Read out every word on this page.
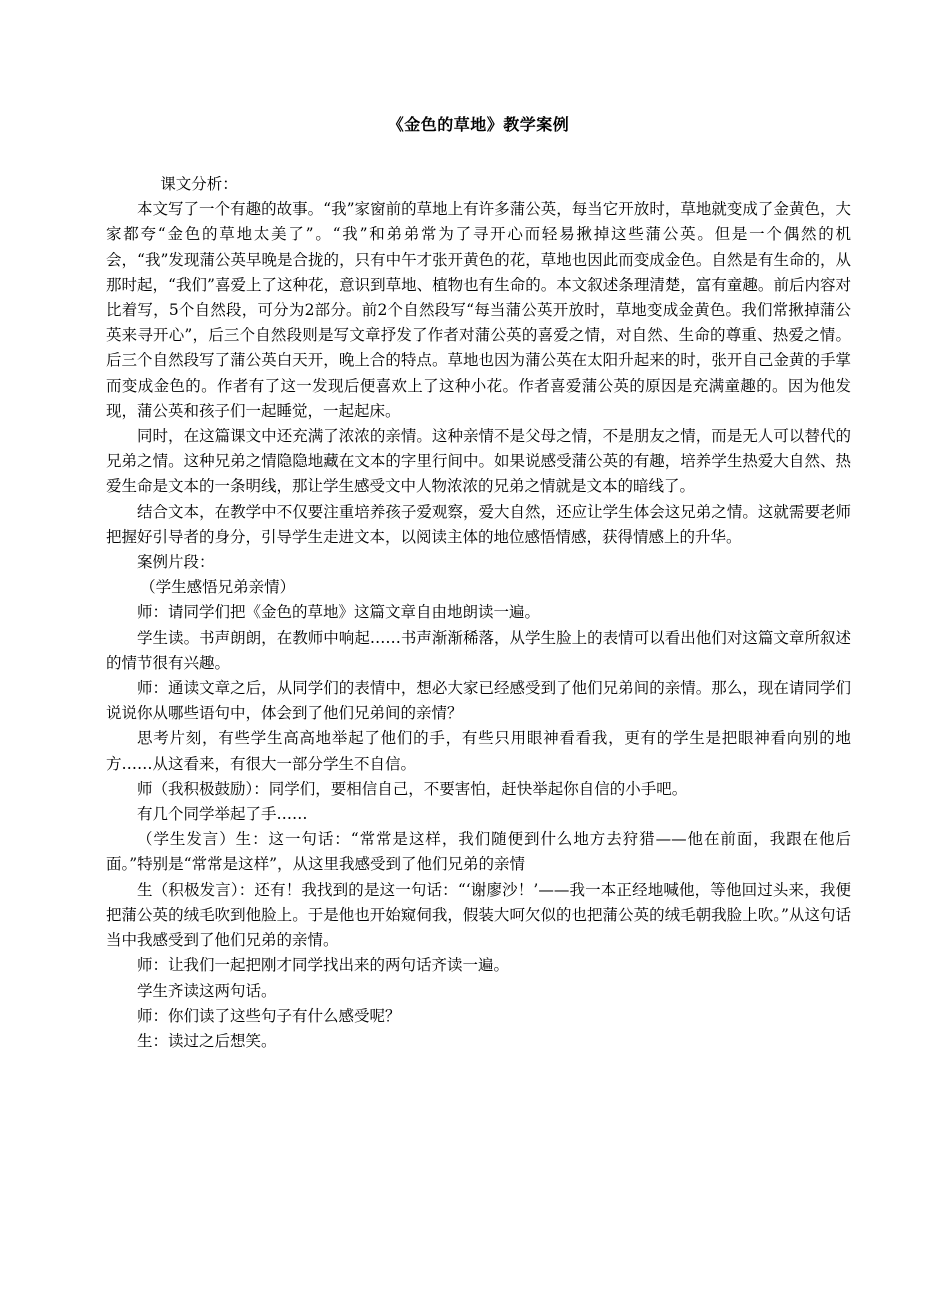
《金色的草地》教学案例

课文分析：

本文写了一个有趣的故事。“我”家窗前的草地上有许多蒲公英，每当它开放时，草地就变成了金黄色，大家都夸“金色的草地太美了”。“我”和弟弟常为了寻开心而轻易揪掉这些蒲公英。但是一个偶然的机会，“我”发现蒲公英早晚是合拢的，只有中午才张开黄色的花，草地也因此而变成金色。自然是有生命的，从那时起，“我们”喜爱上了这种花，意识到草地、植物也有生命的。本文叙述条理清楚，富有童趣。前后内容对比着写，5个自然段，可分为2部分。前2个自然段写“每当蒲公英开放时，草地变成金黄色。我们常揪掉蒲公英来寻开心”，后三个自然段则是写文章抒发了作者对蒲公英的喜爱之情，对自然、生命的尊重、热爱之情。后三个自然段写了蒲公英白天开，晚上合的特点。草地也因为蒲公英在太阳升起来的时，张开自己金黄的手掌而变成金色的。作者有了这一发现后便喜欢上了这种小花。作者喜爱蒲公英的原因是充满童趣的。因为他发现，蒲公英和孩子们一起睡觉，一起起床。

同时，在这篇课文中还充满了浓浓的亲情。这种亲情不是父母之情，不是朋友之情，而是无人可以替代的兄弟之情。这种兄弟之情隐隐地藏在文本的字里行间中。如果说感受蒲公英的有趣，培养学生热爱大自然、热爱生命是文本的一条明线，那让学生感受文中人物浓浓的兄弟之情就是文本的暗线了。

结合文本，在教学中不仅要注重培养孩子爱观察，爱大自然，还应让学生体会这兄弟之情。这就需要老师把握好引导者的身分，引导学生走进文本，以阅读主体的地位感悟情感，获得情感上的升华。

案例片段：

（学生感悟兄弟亲情）

师：请同学们把《金色的草地》这篇文章自由地朗读一遍。

学生读。书声朗朗，在教师中响起……书声渐渐稀落，从学生脸上的表情可以看出他们对这篇文章所叙述的情节很有兴趣。

师：通读文章之后，从同学们的表情中，想必大家已经感受到了他们兄弟间的亲情。那么，现在请同学们说说你从哪些语句中，体会到了他们兄弟间的亲情？

思考片刻，有些学生高高地举起了他们的手，有些只用眼神看看我，更有的学生是把眼神看向别的地方……从这看来，有很大一部分学生不自信。

师（我积极鼓励）：同学们，要相信自己，不要害怕，赶快举起你自信的小手吧。

有几个同学举起了手……

（学生发言）生：这一句话：“常常是这样，我们随便到什么地方去狩猎——他在前面，我跟在他后面。”特别是“常常是这样”，从这里我感受到了他们兄弟的亲情

生（积极发言）：还有！我找到的是这一句话：“‘谢廖沙！’——我一本正经地喊他，等他回过头来，我便把蒲公英的绒毛吹到他脸上。于是他也开始窥伺我，假装大呵欠似的也把蒲公英的绒毛朝我脸上吹。”从这句话当中我感受到了他们兄弟的亲情。

师：让我们一起把刚才同学找出来的两句话齐读一遍。

学生齐读这两句话。

师：你们读了这些句子有什么感受呢？

生：读过之后想笑。
